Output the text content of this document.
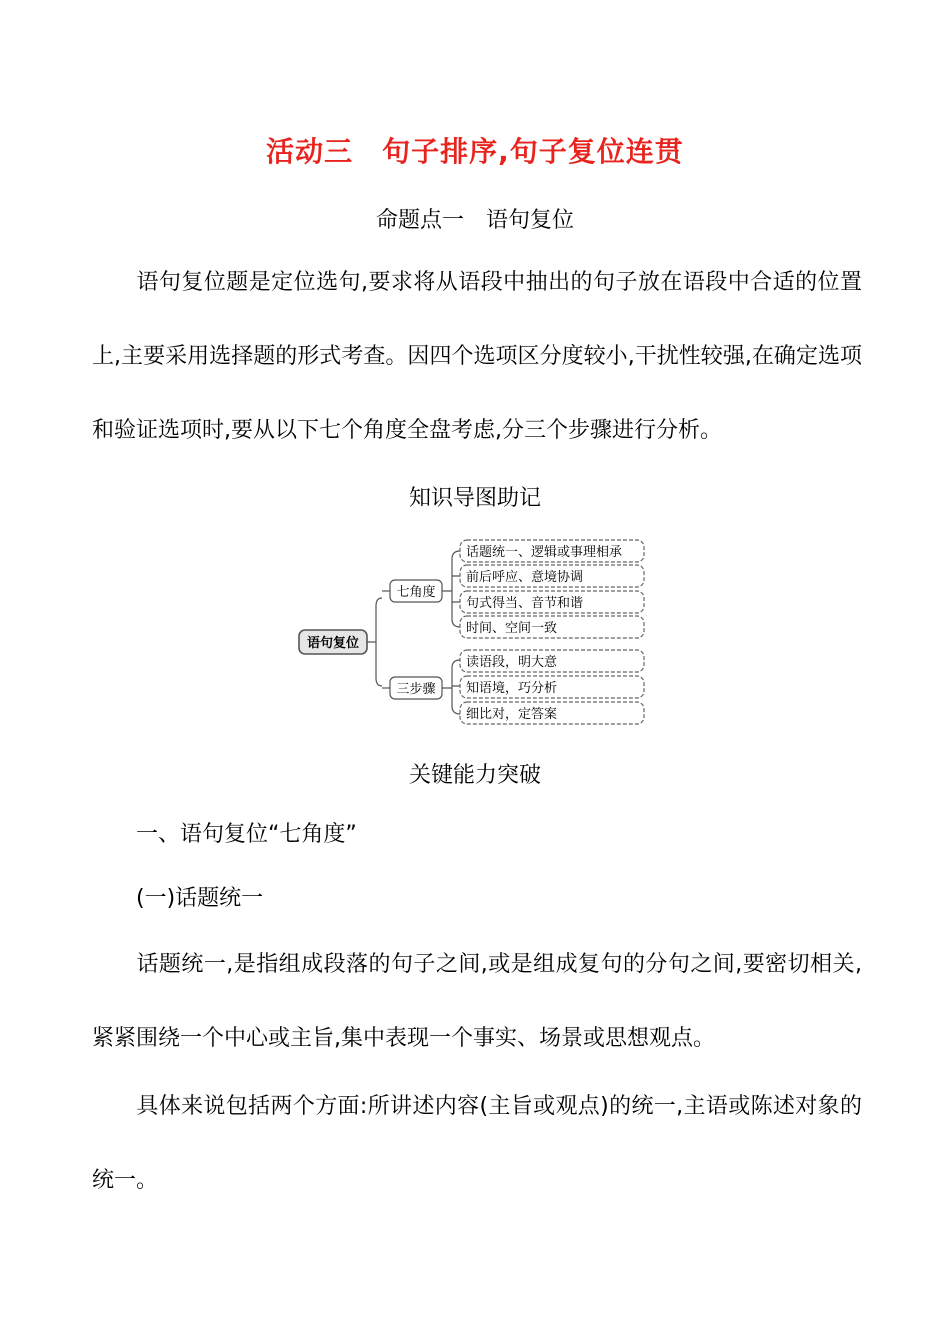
活动三　句子排序,句子复位连贯
命题点一　语句复位

语句复位题是定位选句,要求将从语段中抽出的句子放在语段中合适的位置上,主要采用选择题的形式考查。因四个选项区分度较小,干扰性较强,在确定选项和验证选项时,要从以下七个角度全盘考虑,分三个步骤进行分析。

知识导图助记
语句复位
七角度
话题统一、逻辑或事理相承
前后呼应、意境协调
句式得当、音节和谐
时间、空间一致
三步骤
读语段，明大意
知语境，巧分析
细比对，定答案
关键能力突破

一、语句复位“七角度”

(一)话题统一

话题统一,是指组成段落的句子之间,或是组成复句的分句之间,要密切相关,紧紧围绕一个中心或主旨,集中表现一个事实、场景或思想观点。

具体来说包括两个方面:所讲述内容(主旨或观点)的统一,主语或陈述对象的统一。
